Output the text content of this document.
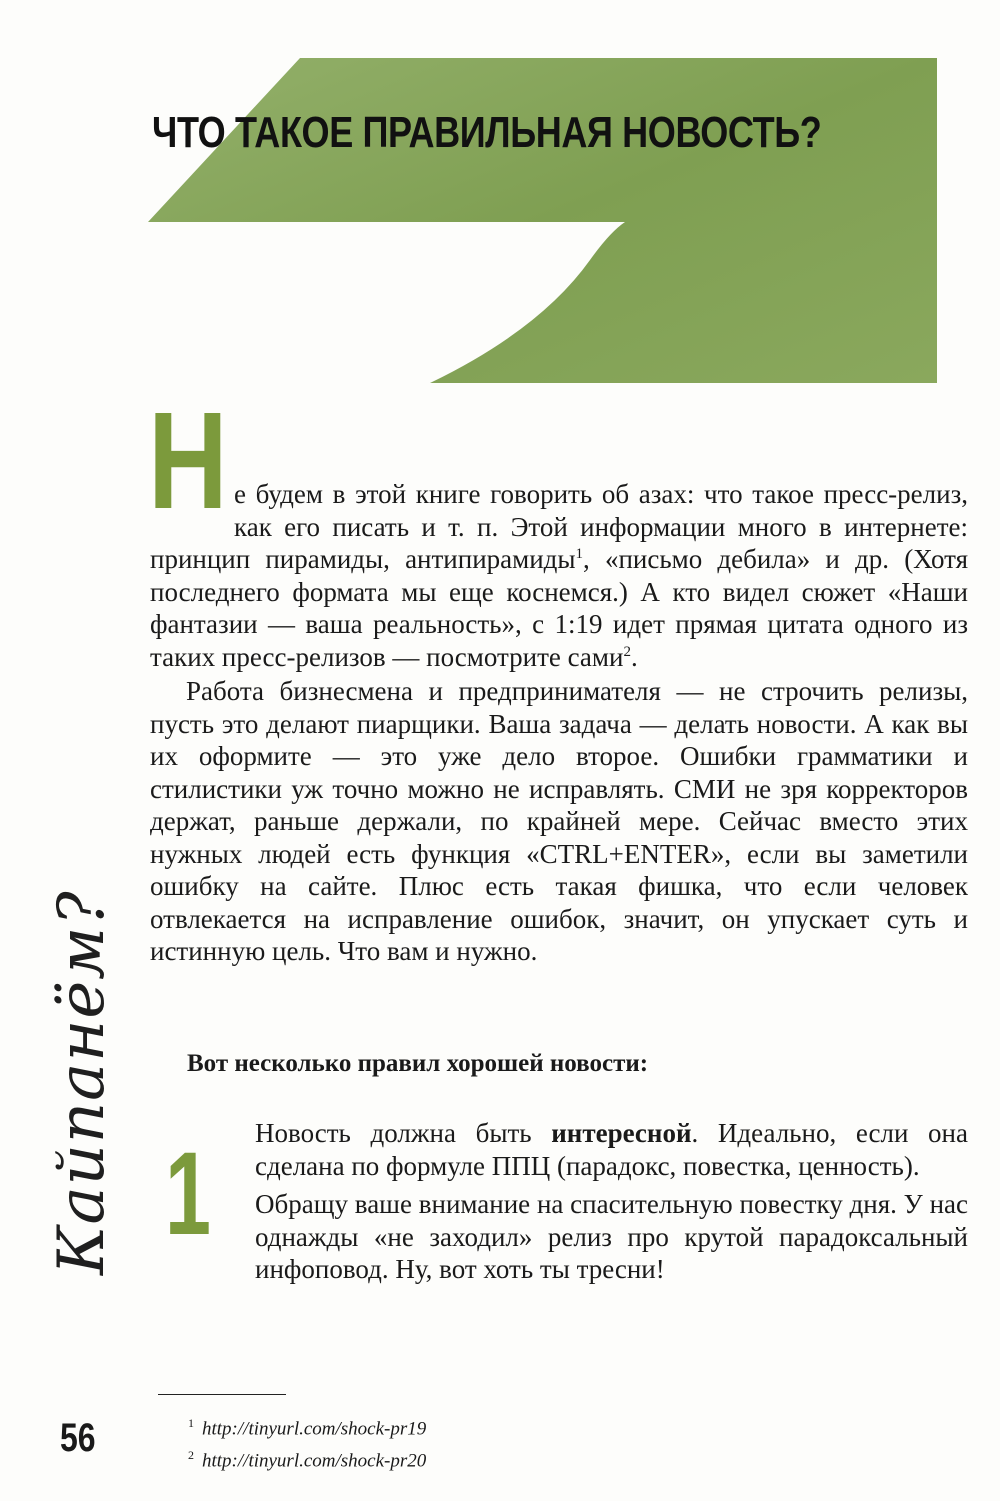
ЧТО ТАКОЕ ПРАВИЛЬНАЯ НОВОСТЬ?

Не будем в этой книге говорить об азах: что такое пресс-релиз, как его писать и т. п. Этой информации много в интернете: принцип пирамиды, антипирамиды$^1$, «письмо дебила» и др. (Хотя последнего формата мы еще коснемся.) А кто видел сюжет «Наши фантазии — ваша реальность», с 1:19 идет прямая цитата одного из таких пресс-релизов — посмотрите сами$^2$.

Работа бизнесмена и предпринимателя — не строчить релизы, пусть это делают пиарщики. Ваша задача — делать новости. А как вы их оформите — это уже дело второе. Ошибки грамматики и стилистики уж точно можно не исправлять. СМИ не зря корректоров держат, раньше держали, по крайней мере. Сейчас вместо этих нужных людей есть функция «CTRL+ENTER», если вы заметили ошибку на сайте. Плюс есть такая фишка, что если человек отвлекается на исправление ошибок, значит, он упускает суть и истинную цель. Что вам и нужно.

Вот несколько правил хорошей новости:
1 Новость должна быть интересной. Идеально, если она сделана по формуле ППЦ (парадокс, повестка, ценность).

Обращу ваше внимание на спасительную повестку дня. У нас однажды «не заходил» релиз про крутой парадоксальный инфоповод. Ну, вот хоть ты тресни!

Кайпанём?
56	$^1$ http://tinyurl.com/shock-pr19
$^2$ http://tinyurl.com/shock-pr20
